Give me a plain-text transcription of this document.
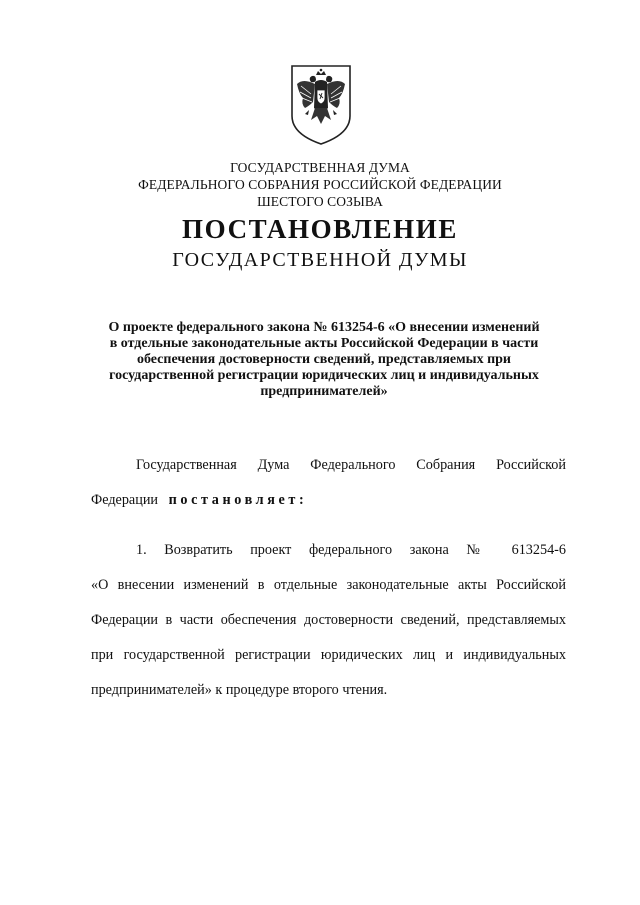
ГОСУДАРСТВЕННАЯ ДУМА
ФЕДЕРАЛЬНОГО СОБРАНИЯ РОССИЙСКОЙ ФЕДЕРАЦИИ
ШЕСТОГО СОЗЫВА
ПОСТАНОВЛЕНИЕ
ГОСУДАРСТВЕННОЙ ДУМЫ
О проекте федерального закона № 613254-6 «О внесении изменений
в отдельные законодательные акты Российской Федерации в части
обеспечения достоверности сведений, представляемых при
государственной регистрации юридических лиц и индивидуальных
предпринимателей»
Государственная Дума Федерального Собрания Российской
Федерации постановляет:
1. Возвратить проект федерального закона № 613254-6
«О внесении изменений в отдельные законодательные акты Российской
Федерации в части обеспечения достоверности сведений, представляемых
при государственной регистрации юридических лиц и индивидуальных
предпринимателей» к процедуре второго чтения.
